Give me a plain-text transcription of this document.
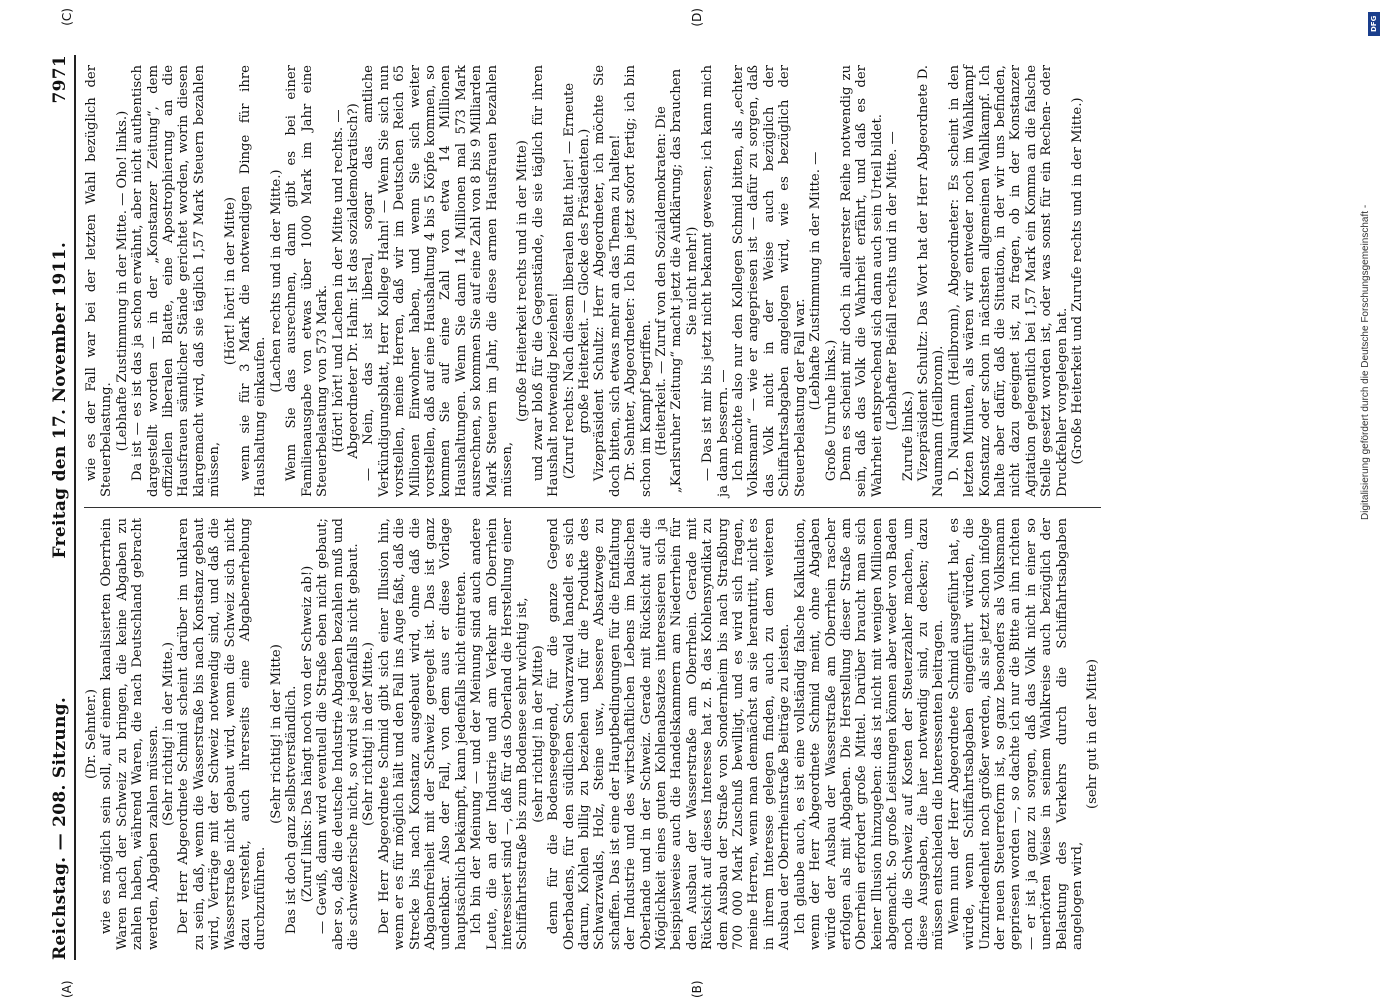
Reichstag. — 208. Sitzung.
Freitag den 17. November 1911.
7971

(Dr. Sehnter.) wie es möglich sein soll, auf einem kanalisierten Oberrhein Waren nach der Schweiz zu bringen, die keine Abgaben zu zahlen haben, während Waren, die nach Deutschland gebracht werden, Abgaben zahlen müssen. (Sehr richtig! in der Mitte.) Der Herr Abgeordnete Schmid scheint darüber im unklaren zu sein, daß, wenn die Wasserstraße bis nach Konstanz gebaut wird, Verträge mit der Schweiz notwendig sind, und daß die Wasserstraße nicht gebaut wird, wenn die Schweiz sich nicht dazu versteht, auch ihrerseits eine Abgabenerhebung durchzuführen.

(Sehr richtig! in der Mitte) Das ist doch ganz selbstverständlich. (Zuruf links: Das hängt noch von der Schweiz ab!) — Gewiß, dann wird eventuell die Straße eben nicht gebaut; aber so, daß die deutsche Industrie Abgaben bezahlen muß und die schweizerische nicht, so wird sie jedenfalls nicht gebaut. (Sehr richtig! in der Mitte.) Der Herr Abgeordnete Schmid gibt sich einer Illusion hin, wenn er es für möglich hält und den Fall ins Auge faßt, daß die Strecke bis nach Konstanz ausgebaut wird, ohne daß die Abgabenfreiheit mit der Schweiz geregelt ist. Das ist ganz undenkbar. Also der Fall, von dem aus er diese Vorlage hauptsächlich bekämpft, kann jedenfalls nicht eintreten. Ich bin der Meinung — und der Meinung sind auch andere Leute, die an der Industrie und am Verkehr am Oberrhein interessiert sind —, daß für das Oberland die Herstellung einer Schiffahrtsstraße bis zum Bodensee sehr wichtig ist, (sehr richtig! in der Mitte) denn für die Bodenseegegend, für die ganze Gegend Oberbadens, für den südlichen Schwarzwald handelt es sich darum, Kohlen billig zu beziehen und für die Produkte des Schwarzwalds, Holz, Steine usw., bessere Absatzwege zu schaffen. Das ist eine der Hauptbedingungen für die Entfaltung der Industrie und des wirtschaftlichen Lebens im badischen Oberlande und in der Schweiz. Gerade mit Rücksicht auf die Möglichkeit eines guten Kohlenabsatzes interessieren sich ja beispielsweise auch die Handelskammern am Niederrhein für den Ausbau der Wasserstraße am Oberrhein. Gerade mit Rücksicht auf dieses Interesse hat z. B. das Kohlensyndikat zu dem Ausbau der Straße von Sondernheim bis nach Straßburg 700 000 Mark Zuschuß bewilligt, und es wird sich fragen, meine Herren, wenn man demnächst an sie herantritt, nicht es in ihrem Interesse gelegen finden, auch zu dem weiteren Ausbau der Oberrheinstraße Beiträge zu leisten. Ich glaube auch, es ist eine vollständig falsche Kalkulation, wenn der Herr Abgeordnete Schmid meint, ohne Abgaben würde der Ausbau der Wasserstraße am Oberrhein rascher erfolgen als mit Abgaben. Die Herstellung dieser Straße am Oberrhein erfordert große Mittel. Darüber braucht man sich keiner Illusion hinzugeben: das ist nicht mit wenigen Millionen abgemacht. So große Leistungen können aber weder von Baden noch die Schweiz auf Kosten der Steuerzahler machen, um diese Ausgaben, die hier notwendig sind, zu decken; dazu müssen entschieden die Interessenten beitragen. Wenn nun der Herr Abgeordnete Schmid ausgeführt hat, es würde, wenn Schiffahrtsabgaben eingeführt würden, die Unzufriedenheit noch größer werden, als sie jetzt schon infolge der neuen Steuerreform ist, so ganz besonders als Volksmann gepriesen worden —, so dachte ich nur die Bitte an ihn richten — er ist ja ganz zu sorgen, daß das Volk nicht in einer so unerhörten Weise in seinem Wahlkreise auch bezüglich der Belastung des Verkehrs durch die Schiffahrtsabgaben angelogen wird,

(sehr gut in der Mitte)

wie es der Fall war bei der letzten Wahl bezüglich der Steuerbelastung. (Lebhafte Zustimmung in der Mitte. — Oho! links.) Da ist — es ist das ja schon erwähnt, aber nicht authentisch dargestellt worden — in der „Konstanzer Zeitung“, dem offiziellen liberalen Blatte, eine Apostrophierung an die Hausfrauen sämtlicher Stände gerichtet worden, worin diesen klargemacht wird, daß sie täglich 1,57 Mark Steuern bezahlen müssen,

(Hört! hört! in der Mitte) wenn sie für 3 Mark die notwendigen Dinge für ihre Haushaltung einkaufen.

(Lachen rechts und in der Mitte.) Wenn Sie das ausrechnen, dann gibt es bei einer Familienausgabe von etwas über 1000 Mark im Jahr eine Steuerbelastung von 573 Mark. (Hört! hört! und Lachen in der Mitte und rechts. — Abgeordneter Dr. Hahn: Ist das sozialdemokratisch?) — Nein, das ist liberal, sogar das amtliche Verkündigungsblatt, Herr Kollege Hahn! — Wenn Sie sich nun vorstellen, meine Herren, daß wir im Deutschen Reich 65 Millionen Einwohner haben, und wenn Sie sich weiter vorstellen, daß auf eine Haushaltung 4 bis 5 Köpfe kommen, so kommen Sie auf eine Zahl von etwa 14 Millionen Haushaltungen. Wenn Sie dann 14 Millionen mal 573 Mark ausrechnen, so kommen Sie auf eine Zahl von 8 bis 9 Milliarden Mark Steuern im Jahr, die diese armen Hausfrauen bezahlen müssen,

(große Heiterkeit rechts und in der Mitte) und zwar bloß für die Gegenstände, die sie täglich für ihren Haushalt notwendig beziehen! (Zuruf rechts: Nach diesem liberalen Blatt hier! — Erneute große Heiterkeit. — Glocke des Präsidenten.) Vizepräsident Schultz: Herr Abgeordneter, ich möchte Sie doch bitten, sich etwas mehr an das Thema zu halten! Dr. Sehnter, Abgeordneter: Ich bin jetzt sofort fertig; ich bin schon im Kampf begriffen. (Heiterkeit. — Zuruf von den Sozialdemokraten: Die „Karlsruher Zeitung“ macht jetzt die Aufklärung; das brauchen Sie nicht mehr!) — Das ist mir bis jetzt nicht bekannt gewesen; ich kann mich ja dann bessern. — Ich möchte also nur den Kollegen Schmid bitten, als „echter Volksmann“ — wie er angepriesen ist — dafür zu sorgen, daß das Volk nicht in der Weise auch bezüglich der Schiffahrtsabgaben angelogen wird, wie es bezüglich der Steuerbelastung der Fall war. (Lebhafte Zustimmung in der Mitte. —

Große Unruhe links.) Denn es scheint mir doch in allererster Reihe notwendig zu sein, daß das Volk die Wahrheit erfährt, und daß es der Wahrheit entsprechend sich dann auch sein Urteil bildet. (Lebhafter Beifall rechts und in der Mitte. —

Zurufe links.) Vizepräsident Schultz: Das Wort hat der Herr Abgeordnete D. Naumann (Heilbronn). D. Naumann (Heilbronn), Abgeordneter: Es scheint in den letzten Minuten, als wären wir entweder noch im Wahlkampf Konstanz oder schon in nächsten allgemeinen Wahlkampf. Ich halte aber dafür, daß die Situation, in der wir uns befinden, nicht dazu geeignet ist, zu fragen, ob in der Konstanzer Agitation gelegentlich bei 1,57 Mark ein Komma an die falsche Stelle gesetzt worden ist, oder was sonst für ein Rechen- oder Druckfehler vorgelegen hat. (Große Heiterkeit und Zurufe rechts und in der Mitte.)

(A)	(B)
(C)	(D)	DFG
Digitalisierung gefördert durch die Deutsche Forschungsgemeinschaft -
